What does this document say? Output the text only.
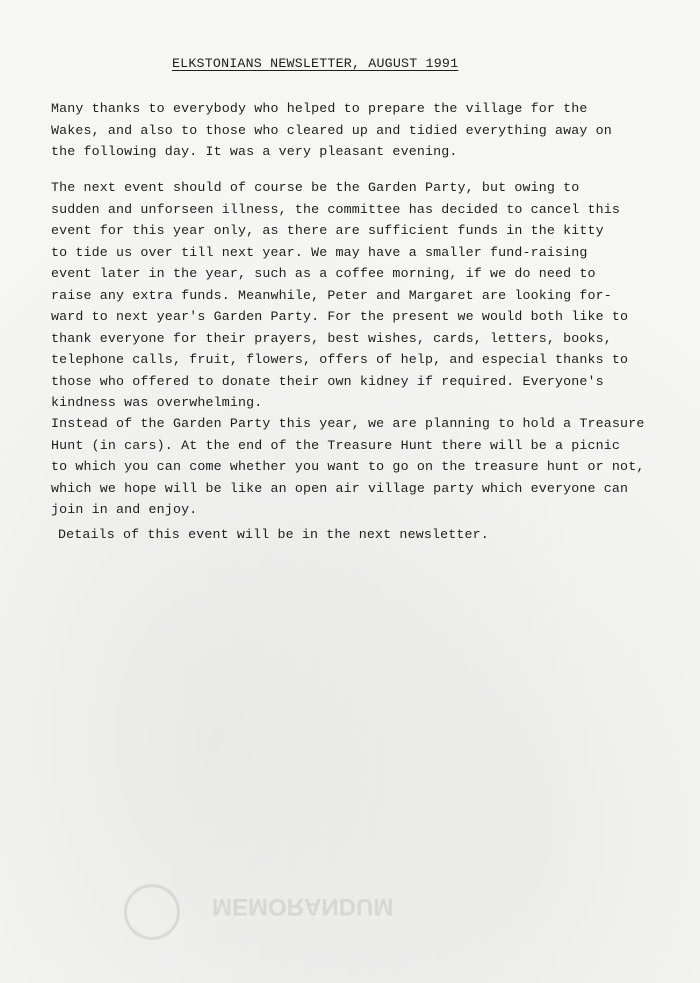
ELKSTONIANS NEWSLETTER, AUGUST 1991

Many thanks to everybody who helped to prepare the village for the
Wakes, and also to those who cleared up and tidied everything away on
the following day. It was a very pleasant evening.

The next event should of course be the Garden Party, but owing to
sudden and unforseen illness, the committee has decided to cancel this
event for this year only, as there are sufficient funds in the kitty
to tide us over till next year. We may have a smaller fund-raising
event later in the year, such as a coffee morning, if we do need to
raise any extra funds. Meanwhile, Peter and Margaret are looking for-
ward to next year's Garden Party. For the present we would both like to
thank everyone for their prayers, best wishes, cards, letters, books,
telephone calls, fruit, flowers, offers of help, and especial thanks to
those who offered to donate their own kidney if required. Everyone's
kindness was overwhelming.

Instead of the Garden Party this year, we are planning to hold a Treasure
Hunt (in cars). At the end of the Treasure Hunt there will be a picnic
to which you can come whether you want to go on the treasure hunt or not,
which we hope will be like an open air village party which everyone can
join in and enjoy.

Details of this event will be in the next newsletter.

MEMORANDUM
